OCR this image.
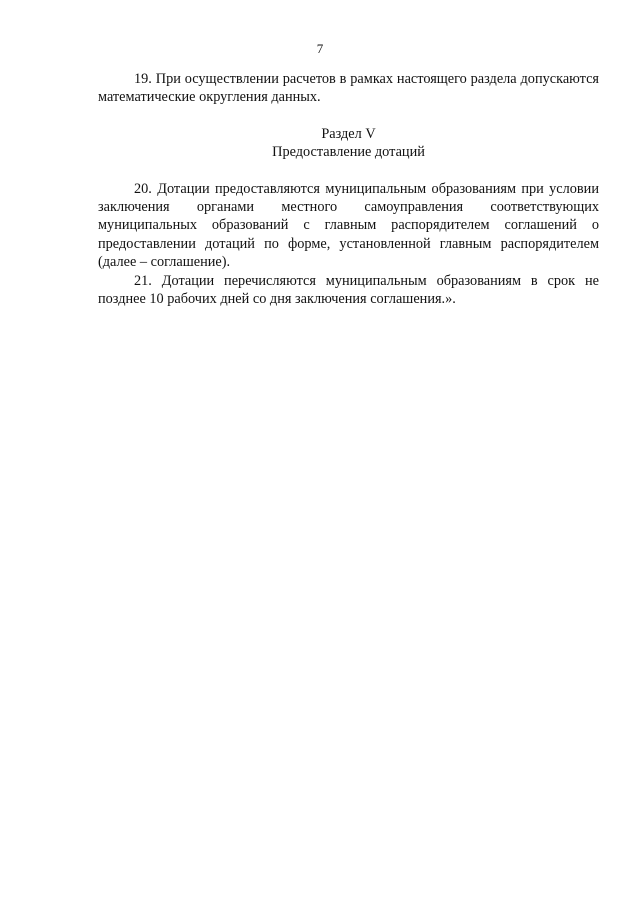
7

19. При осуществлении расчетов в рамках настоящего раздела допускаются математические округления данных.

Раздел V
Предоставление дотаций

20. Дотации предоставляются муниципальным образованиям при условии заключения органами местного самоуправления соответствующих муниципальных образований с главным распорядителем соглашений о предоставлении дотаций по форме, установленной главным распорядителем (далее – соглашение).

21. Дотации перечисляются муниципальным образованиям в срок не позднее 10 рабочих дней со дня заключения соглашения.».
